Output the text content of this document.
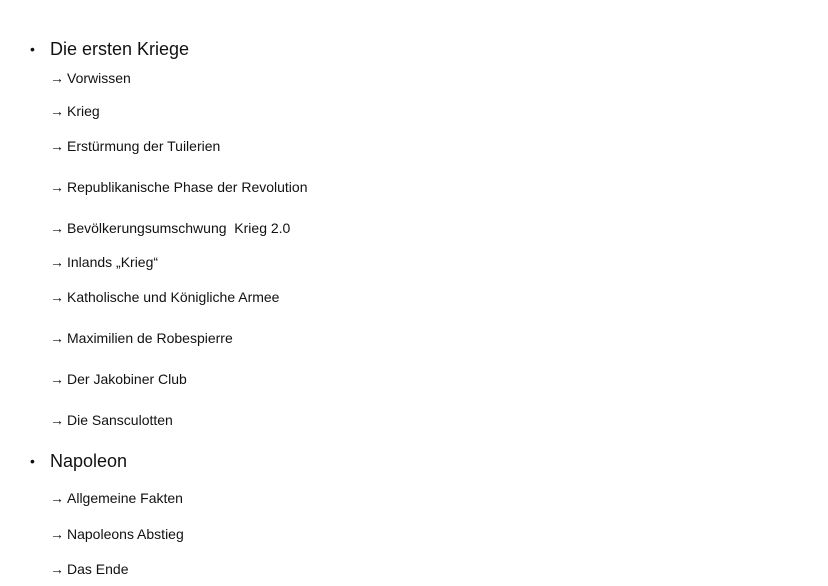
• Die ersten Kriege
→ Vorwissen
→ Krieg
→ Erstürmung der Tuilerien
→ Republikanische Phase der Revolution
→ Bevölkerungsumschwung  Krieg 2.0
→ Inlands „Krieg“
→ Katholische und Königliche Armee
→ Maximilien de Robespierre
→ Der Jakobiner Club
→ Die Sansculotten
• Napoleon
→ Allgemeine Fakten
→ Napoleons Abstieg
→ Das Ende
